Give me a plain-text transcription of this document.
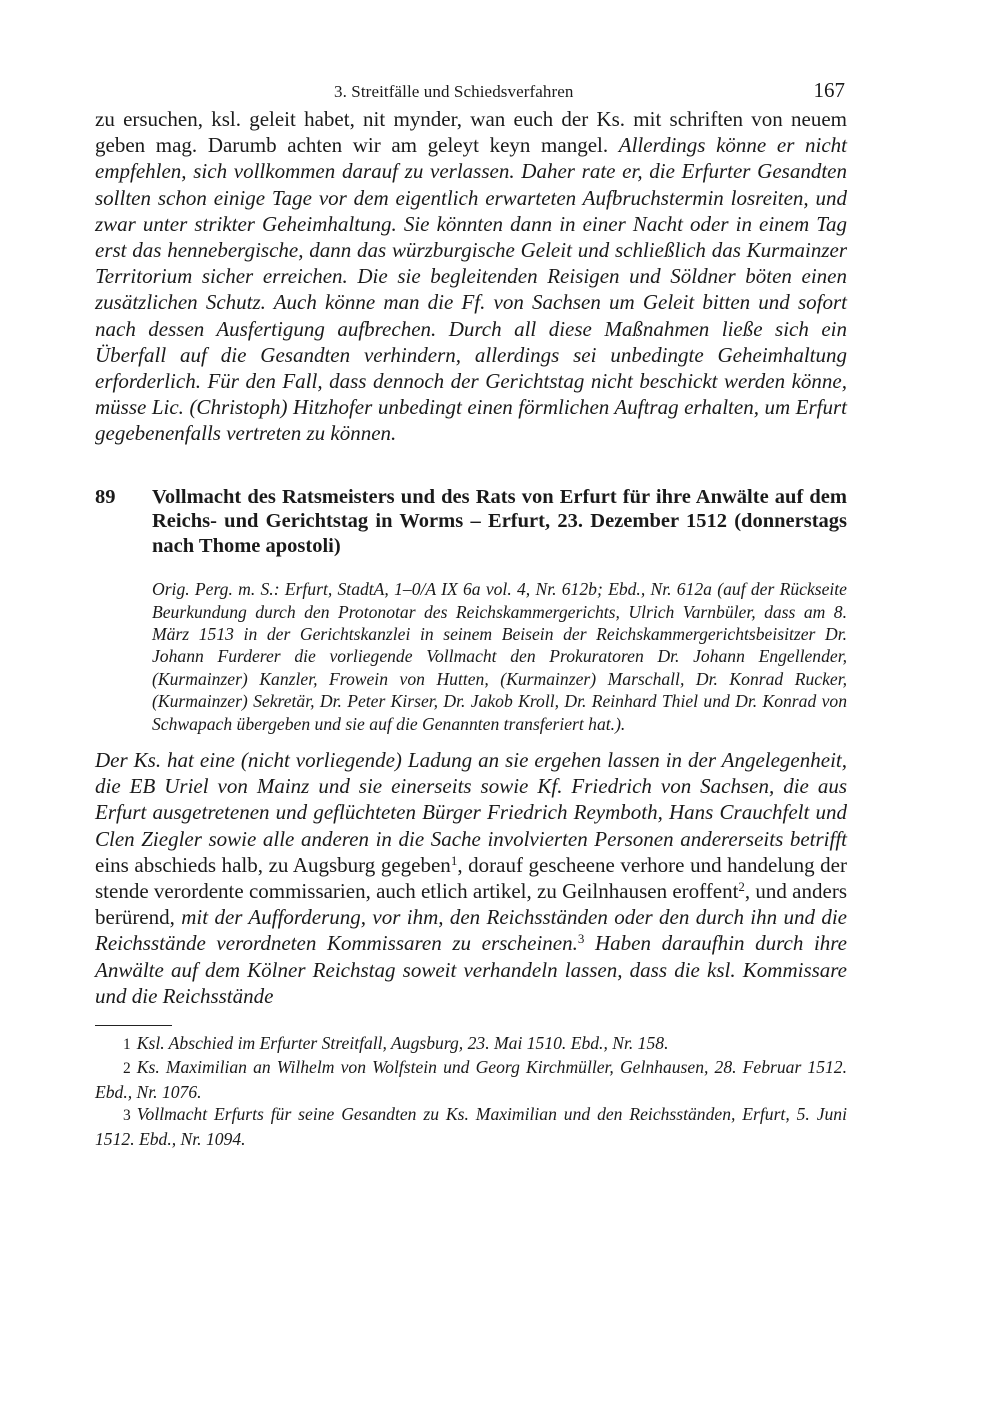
3. Streitfälle und Schiedsverfahren	167

zu ersuchen, ksl. geleit habet, nit mynder, wan euch der Ks. mit schriften von neuem geben mag. Darumb achten wir am geleyt keyn mangel. Allerdings könne er nicht empfehlen, sich vollkommen darauf zu verlassen. Daher rate er, die Erfurter Gesandten sollten schon einige Tage vor dem eigentlich erwarteten Aufbruchstermin losreiten, und zwar unter strikter Geheimhaltung. Sie könnten dann in einer Nacht oder in einem Tag erst das hennebergische, dann das würzburgische Geleit und schließlich das Kurmainzer Territorium sicher erreichen. Die sie begleitenden Reisigen und Söldner böten einen zusätzlichen Schutz. Auch könne man die Ff. von Sachsen um Geleit bitten und sofort nach dessen Ausfertigung aufbrechen. Durch all diese Maßnahmen ließe sich ein Überfall auf die Gesandten verhindern, allerdings sei unbedingte Geheimhaltung erforderlich. Für den Fall, dass dennoch der Gerichtstag nicht beschickt werden könne, müsse Lic. (Christoph) Hitzhofer unbedingt einen förmlichen Auftrag erhalten, um Erfurt gegebenenfalls vertreten zu können.

89	Vollmacht des Ratsmeisters und des Rats von Erfurt für ihre Anwälte auf dem Reichs- und Gerichtstag in Worms – Erfurt, 23. Dezember 1512 (donnerstags nach Thome apostoli)

Orig. Perg. m. S.: Erfurt, StadtA, 1–0/A IX 6a vol. 4, Nr. 612b; Ebd., Nr. 612a (auf der Rückseite Beurkundung durch den Protonotar des Reichskammergerichts, Ulrich Varnbüler, dass am 8. März 1513 in der Gerichtskanzlei in seinem Beisein der Reichskammergerichtsbeisitzer Dr. Johann Furderer die vorliegende Vollmacht den Prokuratoren Dr. Johann Engellender, (Kurmainzer) Kanzler, Frowein von Hutten, (Kurmainzer) Marschall, Dr. Konrad Rucker, (Kurmainzer) Sekretär, Dr. Peter Kirser, Dr. Jakob Kroll, Dr. Reinhard Thiel und Dr. Konrad von Schwapach übergeben und sie auf die Genannten transferiert hat.).

Der Ks. hat eine (nicht vorliegende) Ladung an sie ergehen lassen in der Angelegenheit, die EB Uriel von Mainz und sie einerseits sowie Kf. Friedrich von Sachsen, die aus Erfurt ausgetretenen und geflüchteten Bürger Friedrich Reymboth, Hans Crauchfelt und Clen Ziegler sowie alle anderen in die Sache involvierten Personen andererseits betrifft eins abschieds halb, zu Augsburg gegeben$^1$, dorauf gescheene verhore und handelung der stende verordente commissarien, auch etlich artikel, zu Geilnhausen eroffent$^2$, und anders berürend, mit der Aufforderung, vor ihm, den Reichsständen oder den durch ihn und die Reichsstände verordneten Kommissaren zu erscheinen.$^3$ Haben daraufhin durch ihre Anwälte auf dem Kölner Reichstag soweit verhandeln lassen, dass die ksl. Kommissare und die Reichsstände

1 Ksl. Abschied im Erfurter Streitfall, Augsburg, 23. Mai 1510. Ebd., Nr. 158.

2 Ks. Maximilian an Wilhelm von Wolfstein und Georg Kirchmüller, Gelnhausen, 28. Februar 1512. Ebd., Nr. 1076.

3 Vollmacht Erfurts für seine Gesandten zu Ks. Maximilian und den Reichsständen, Erfurt, 5. Juni 1512. Ebd., Nr. 1094.
